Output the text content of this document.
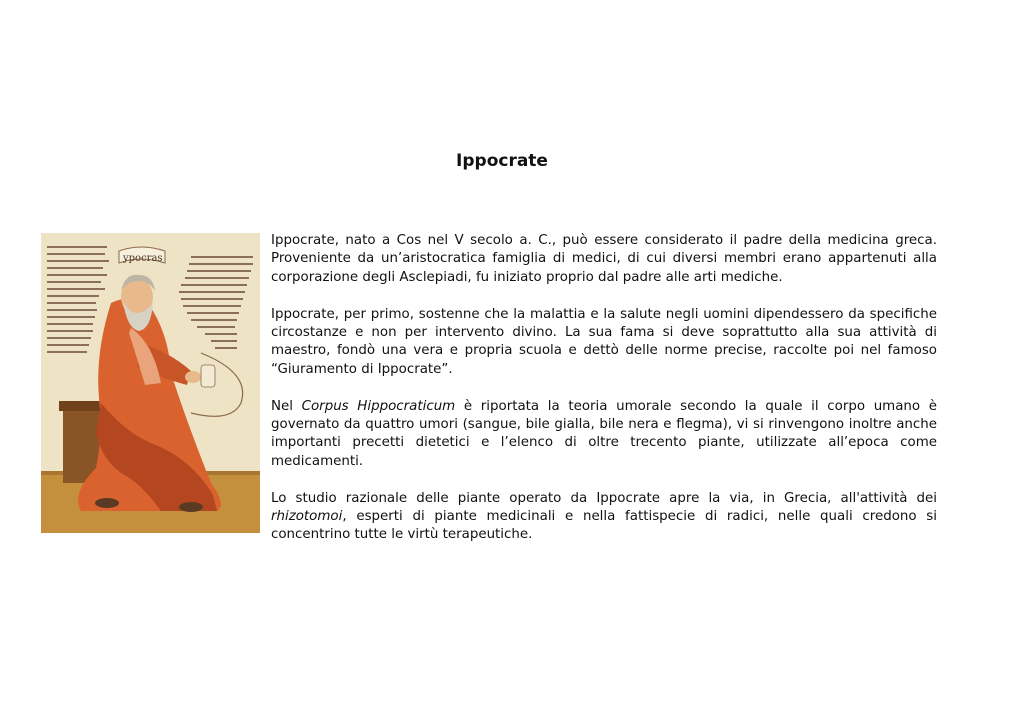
Ippocrate
ypocras

Ippocrate, nato a Cos nel V secolo a. C., può essere considerato il padre della medicina greca. Proveniente da un’aristocratica famiglia di medici, di cui diversi membri erano appartenuti alla corporazione degli Asclepiadi, fu iniziato proprio dal padre alle arti mediche.

Ippocrate, per primo, sostenne che la malattia e la salute negli uomini dipendessero da specifiche circostanze e non per intervento divino. La sua fama si deve soprattutto alla sua attività di maestro, fondò una vera e propria scuola e dettò delle norme precise, raccolte poi nel famoso “Giuramento di Ippocrate”.

Nel Corpus Hippocraticum è riportata la teoria umorale secondo la quale il corpo umano è governato da quattro umori (sangue, bile gialla, bile nera e flegma), vi si rinvengono inoltre anche importanti precetti dietetici e l’elenco di oltre trecento piante, utilizzate all’epoca come medicamenti.

Lo studio razionale delle piante operato da Ippocrate apre la via, in Grecia, all'attività dei rhizotomoi, esperti di piante medicinali e nella fattispecie di radici, nelle quali credono si concentrino tutte le virtù terapeutiche.
